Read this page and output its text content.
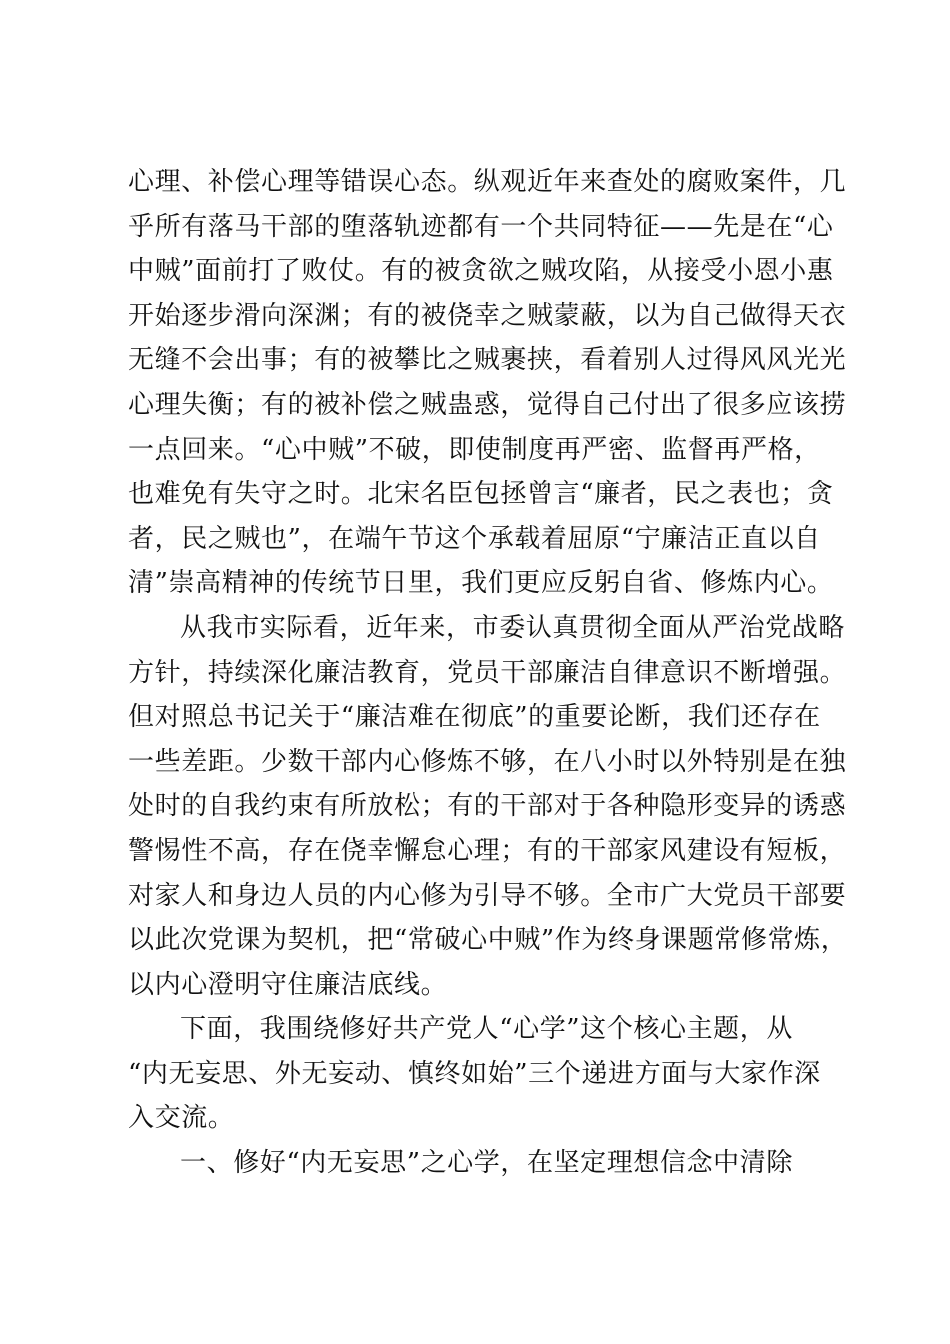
心理、补偿心理等错误心态。纵观近年来查处的腐败案件，几
乎所有落马干部的堕落轨迹都有一个共同特征——先是在“心
中贼”面前打了败仗。有的被贪欲之贼攻陷，从接受小恩小惠
开始逐步滑向深渊；有的被侥幸之贼蒙蔽，以为自己做得天衣
无缝不会出事；有的被攀比之贼裹挟，看着别人过得风风光光
心理失衡；有的被补偿之贼蛊惑，觉得自己付出了很多应该捞
一点回来。“心中贼”不破，即使制度再严密、监督再严格，
也难免有失守之时。北宋名臣包拯曾言“廉者，民之表也；贪
者，民之贼也”，在端午节这个承载着屈原“宁廉洁正直以自
清”崇高精神的传统节日里，我们更应反躬自省、修炼内心。
从我市实际看，近年来，市委认真贯彻全面从严治党战略
方针，持续深化廉洁教育，党员干部廉洁自律意识不断增强。
但对照总书记关于“廉洁难在彻底”的重要论断，我们还存在
一些差距。少数干部内心修炼不够，在八小时以外特别是在独
处时的自我约束有所放松；有的干部对于各种隐形变异的诱惑
警惕性不高，存在侥幸懈怠心理；有的干部家风建设有短板，
对家人和身边人员的内心修为引导不够。全市广大党员干部要
以此次党课为契机，把“常破心中贼”作为终身课题常修常炼，
以内心澄明守住廉洁底线。
下面，我围绕修好共产党人“心学”这个核心主题，从
“内无妄思、外无妄动、慎终如始”三个递进方面与大家作深
入交流。
一、修好“内无妄思”之心学，在坚定理想信念中清除
